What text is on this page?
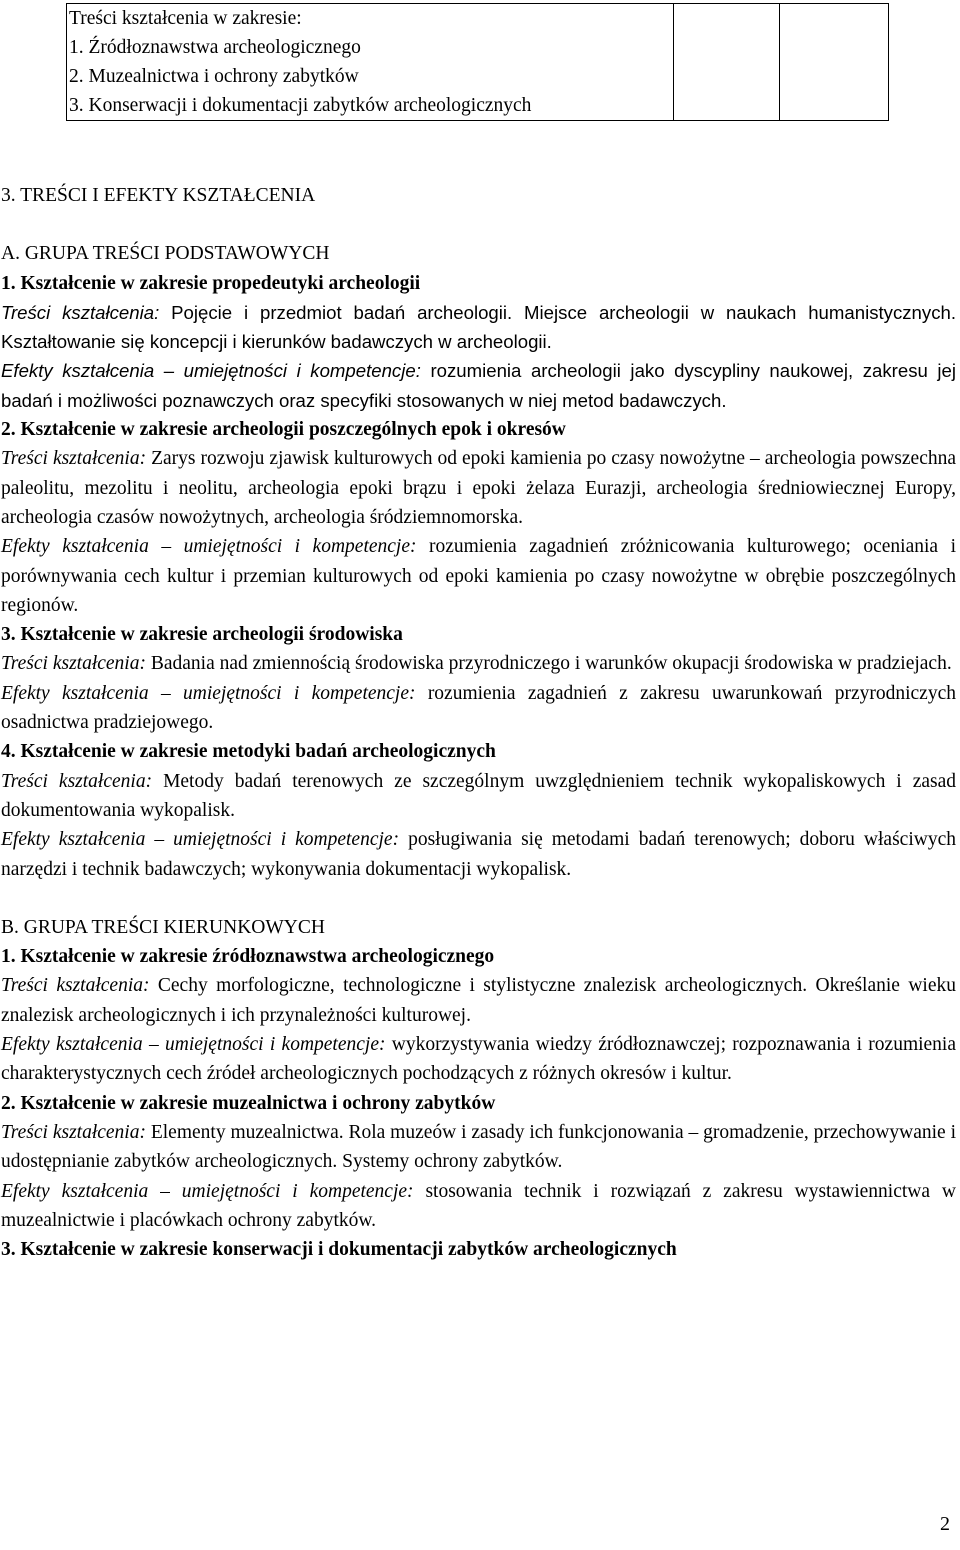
Treści kształcenia w zakresie:
1. Źródłoznawstwa archeologicznego
2. Muzealnictwa i ochrony zabytków
3. Konserwacji i dokumentacji zabytków archeologicznych

3. TREŚCI I EFEKTY KSZTAŁCENIA

A. GRUPA TREŚCI PODSTAWOWYCH

1. Kształcenie w zakresie propedeutyki archeologii

Treści kształcenia: Pojęcie i przedmiot badań archeologii. Miejsce archeologii w naukach humanistycznych. Kształtowanie się koncepcji i kierunków badawczych w archeologii.

Efekty kształcenia – umiejętności i kompetencje: rozumienia archeologii jako dyscypliny naukowej, zakresu jej badań i możliwości poznawczych oraz specyfiki stosowanych w niej metod badawczych.

2. Kształcenie w zakresie archeologii poszczególnych epok i okresów

Treści kształcenia: Zarys rozwoju zjawisk kulturowych od epoki kamienia po czasy nowożytne – archeologia powszechna paleolitu, mezolitu i neolitu, archeologia epoki brązu i epoki żelaza Eurazji, archeologia średniowiecznej Europy, archeologia czasów nowożytnych, archeologia śródziemnomorska.

Efekty kształcenia – umiejętności i kompetencje: rozumienia zagadnień zróżnicowania kulturowego; oceniania i porównywania cech kultur i przemian kulturowych od epoki kamienia po czasy nowożytne w obrębie poszczególnych regionów.

3. Kształcenie w zakresie archeologii środowiska

Treści kształcenia: Badania nad zmiennością środowiska przyrodniczego i warunków okupacji środowiska w pradziejach.

Efekty kształcenia – umiejętności i kompetencje: rozumienia zagadnień z zakresu uwarunkowań przyrodniczych osadnictwa pradziejowego.

4. Kształcenie w zakresie metodyki badań archeologicznych

Treści kształcenia: Metody badań terenowych ze szczególnym uwzględnieniem technik wykopaliskowych i zasad dokumentowania wykopalisk.

Efekty kształcenia – umiejętności i kompetencje: posługiwania się metodami badań terenowych; doboru właściwych narzędzi i technik badawczych; wykonywania dokumentacji wykopalisk.

B. GRUPA TREŚCI KIERUNKOWYCH

1. Kształcenie w zakresie źródłoznawstwa archeologicznego

Treści kształcenia: Cechy morfologiczne, technologiczne i stylistyczne znalezisk archeologicznych. Określanie wieku znalezisk archeologicznych i ich przynależności kulturowej.

Efekty kształcenia – umiejętności i kompetencje: wykorzystywania wiedzy źródłoznawczej; rozpoznawania i rozumienia charakterystycznych cech źródeł archeologicznych pochodzących z różnych okresów i kultur.

2. Kształcenie w zakresie muzealnictwa i ochrony zabytków

Treści kształcenia: Elementy muzealnictwa. Rola muzeów i zasady ich funkcjonowania – gromadzenie, przechowywanie i udostępnianie zabytków archeologicznych. Systemy ochrony zabytków.

Efekty kształcenia – umiejętności i kompetencje: stosowania technik i rozwiązań z zakresu wystawiennictwa w muzealnictwie i placówkach ochrony zabytków.

3. Kształcenie w zakresie konserwacji i dokumentacji zabytków archeologicznych

2
